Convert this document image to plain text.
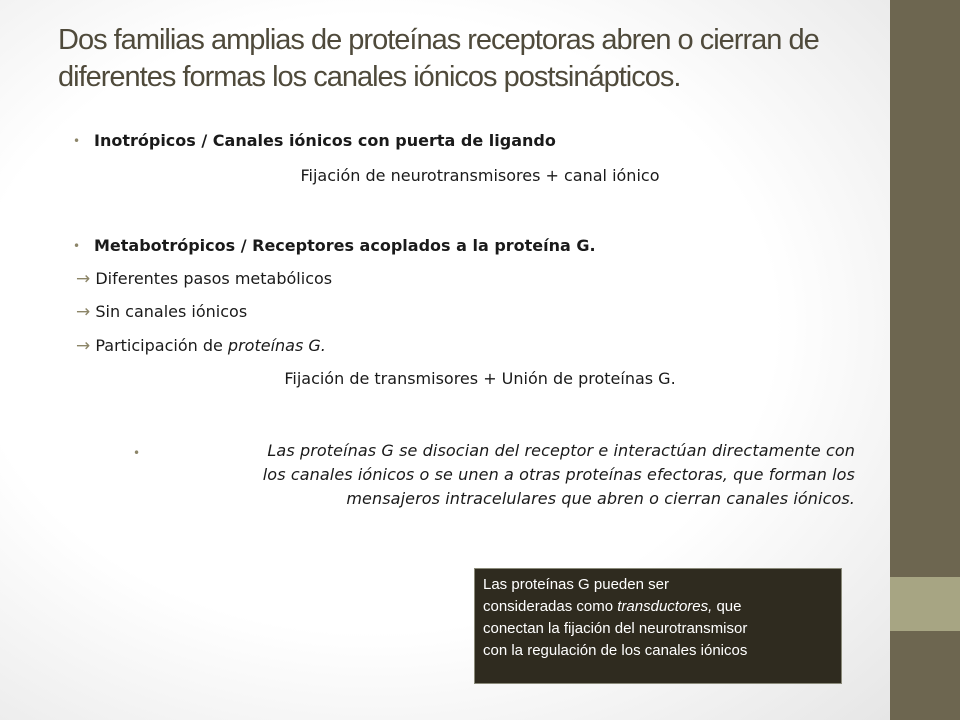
Dos familias amplias de proteínas receptoras abren o cierran de diferentes formas los canales iónicos postsinápticos.
• Inotrópicos / Canales iónicos con puerta de ligando
Fijación de neurotransmisores + canal iónico
• Metabotrópicos / Receptores acoplados a la proteína G.
→ Diferentes pasos metabólicos
→ Sin canales iónicos
→ Participación de proteínas G.
Fijación de transmisores + Unión de proteínas G.
•	Las proteínas G se disocian del receptor e interactúan directamente con
los canales iónicos o se unen a otras proteínas efectoras, que forman los
mensajeros intracelulares que abren o cierran canales iónicos.
Las proteínas G pueden ser
consideradas como transductores, que
conectan la fijación del neurotransmisor
con la regulación de los canales iónicos
